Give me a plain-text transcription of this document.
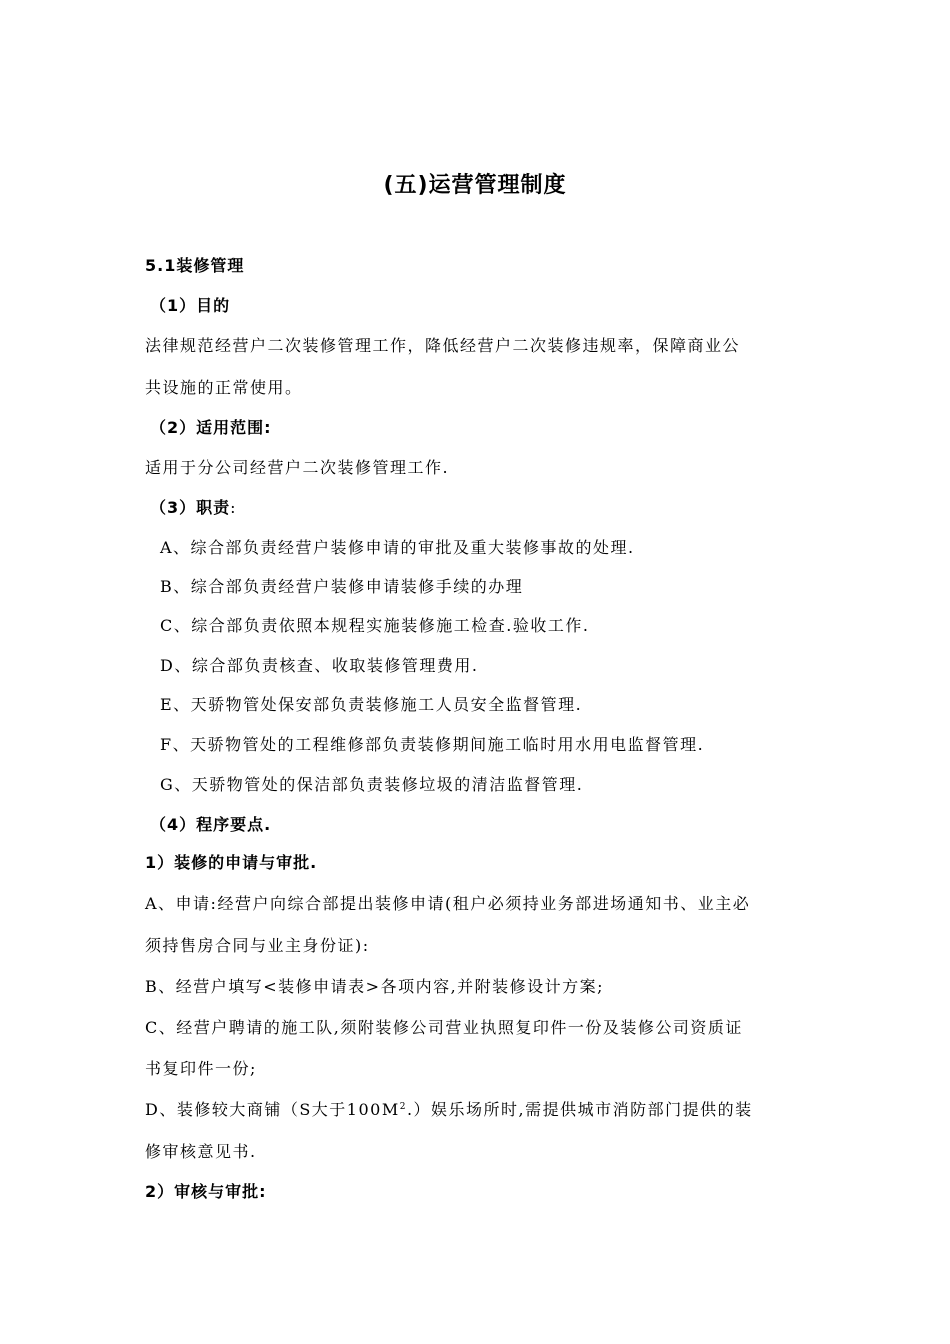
(五)运营管理制度
5.1装修管理
（1）目的
法律规范经营户二次装修管理工作，降低经营户二次装修违规率，保障商业公
共设施的正常使用。
（2）适用范围:
适用于分公司经营户二次装修管理工作.
（3）职责:
A、综合部负责经营户装修申请的审批及重大装修事故的处理.
B、综合部负责经营户装修申请装修手续的办理
C、综合部负责依照本规程实施装修施工检查.验收工作.
D、综合部负责核查、收取装修管理费用.
E、天骄物管处保安部负责装修施工人员安全监督管理.
F、天骄物管处的工程维修部负责装修期间施工临时用水用电监督管理.
G、天骄物管处的保洁部负责装修垃圾的清洁监督管理.
（4）程序要点.
1）装修的申请与审批.
A、申请:经营户向综合部提出装修申请(租户必须持业务部进场通知书、业主必
须持售房合同与业主身份证):
B、经营户填写<装修申请表>各项内容,并附装修设计方案;
C、经营户聘请的施工队,须附装修公司营业执照复印件一份及装修公司资质证
书复印件一份;
D、装修较大商铺（S大于$100M^2$.）娱乐场所时,需提供城市消防部门提供的装
修审核意见书.
2）审核与审批:
